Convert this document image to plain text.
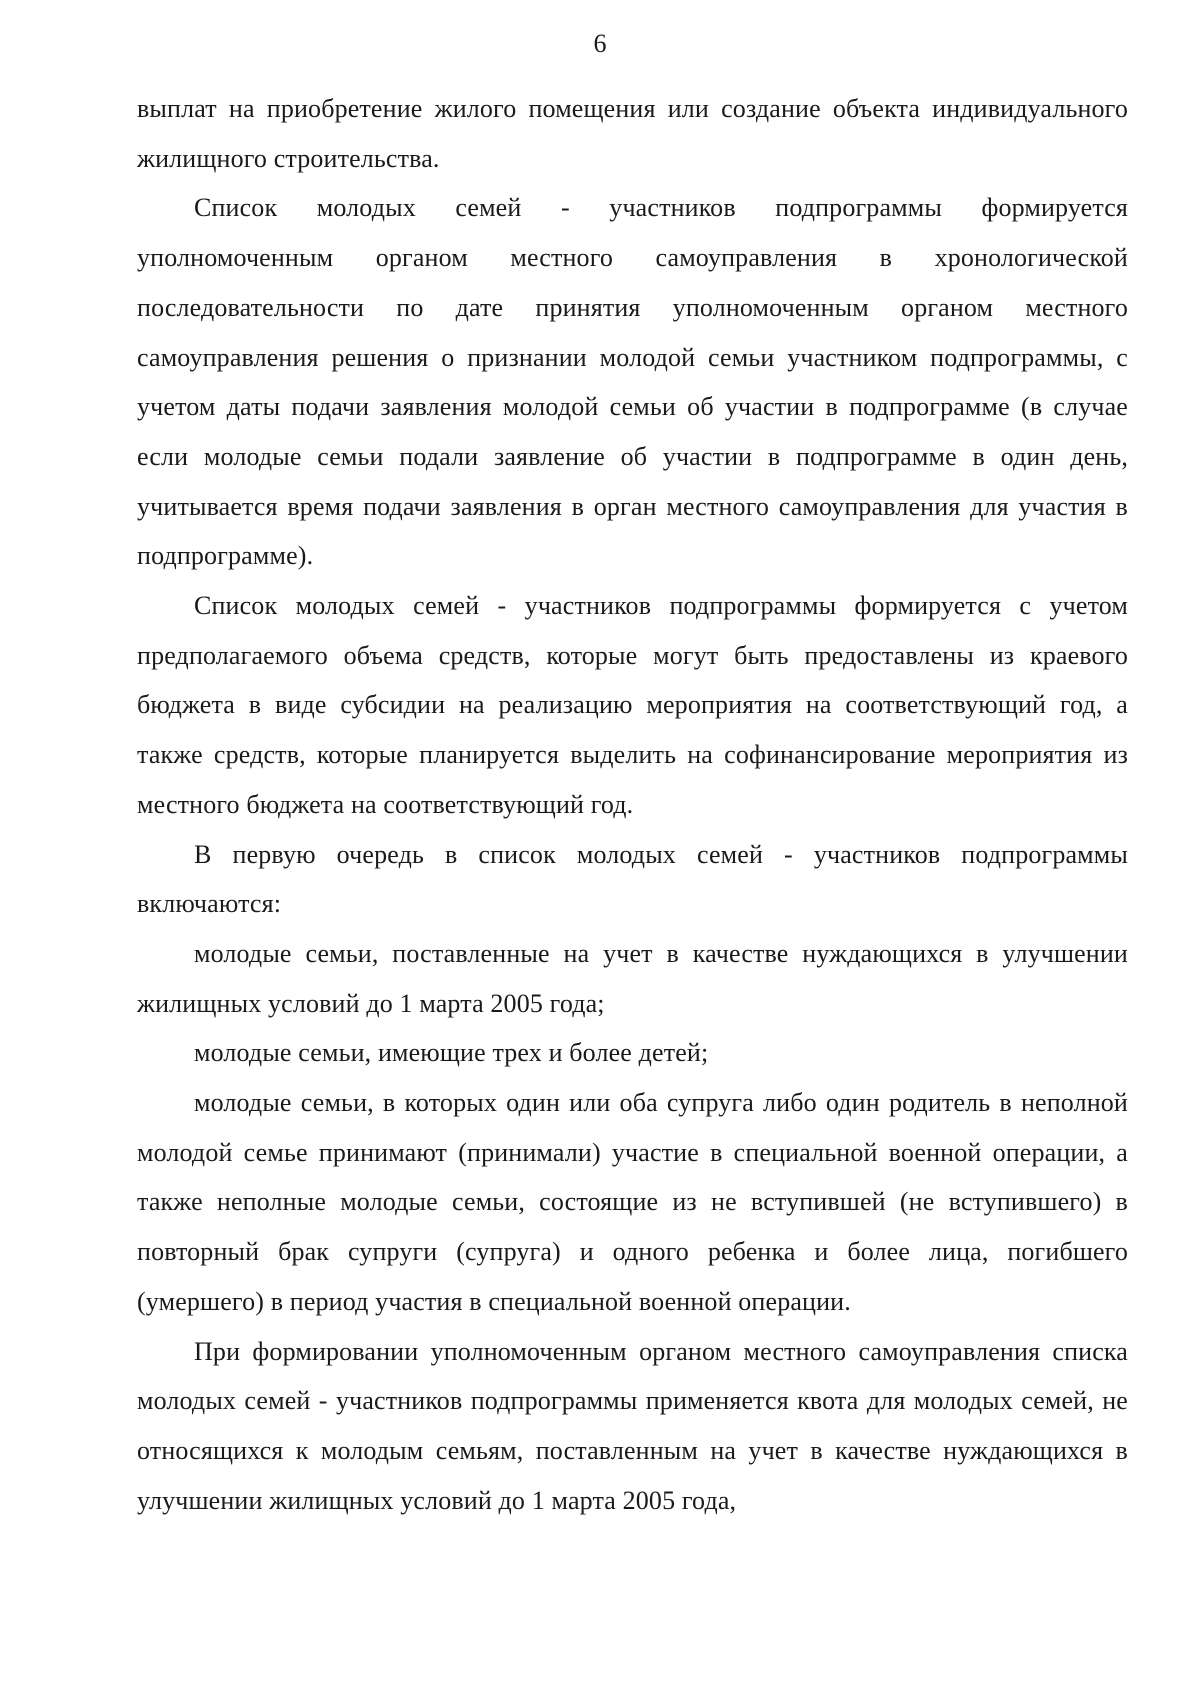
6

выплат на приобретение жилого помещения или создание объекта индивидуального жилищного строительства.

Список молодых семей - участников подпрограммы формируется уполномоченным органом местного самоуправления в хронологической последовательности по дате принятия уполномоченным органом местного самоуправления решения о признании молодой семьи участником подпрограммы, с учетом даты подачи заявления молодой семьи об участии в подпрограмме (в случае если молодые семьи подали заявление об участии в подпрограмме в один день, учитывается время подачи заявления в орган местного самоуправления для участия в подпрограмме).

Список молодых семей - участников подпрограммы формируется с учетом предполагаемого объема средств, которые могут быть предоставлены из краевого бюджета в виде субсидии на реализацию мероприятия на соответствующий год, а также средств, которые планируется выделить на софинансирование мероприятия из местного бюджета на соответствующий год.

В первую очередь в список молодых семей - участников подпрограммы включаются:

молодые семьи, поставленные на учет в качестве нуждающихся в улучшении жилищных условий до 1 марта 2005 года;

молодые семьи, имеющие трех и более детей;

молодые семьи, в которых один или оба супруга либо один родитель в неполной молодой семье принимают (принимали) участие в специальной военной операции, а также неполные молодые семьи, состоящие из не вступившей (не вступившего) в повторный брак супруги (супруга) и одного ребенка и более лица, погибшего (умершего) в период участия в специальной военной операции.

При формировании уполномоченным органом местного самоуправления списка молодых семей - участников подпрограммы применяется квота для молодых семей, не относящихся к молодым семьям, поставленным на учет в качестве нуждающихся в улучшении жилищных условий до 1 марта 2005 года,
